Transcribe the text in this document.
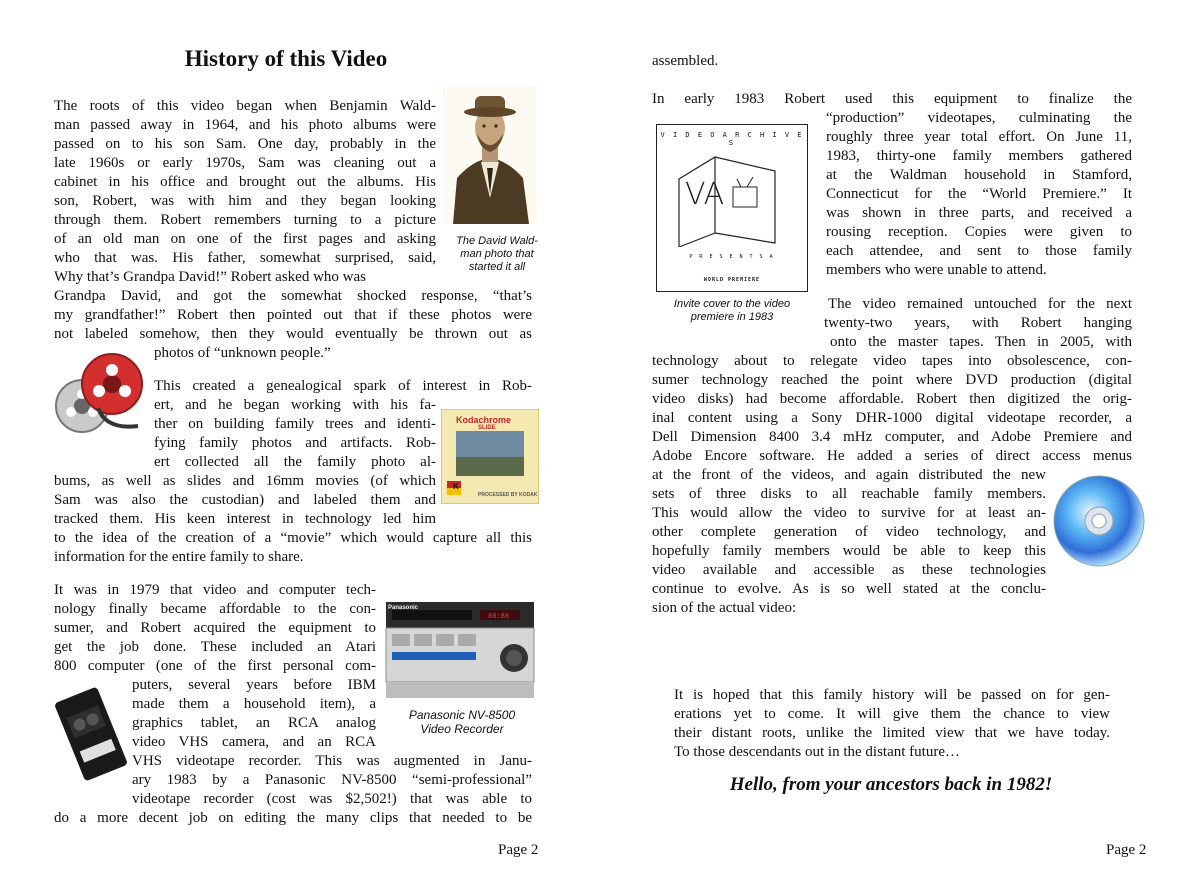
History of this Video
The roots of this video began when Benjamin Wald-
man passed away in 1964, and his photo albums were
passed on to his son Sam. One day, probably in the
late 1960s or early 1970s, Sam was cleaning out a
cabinet in his office and brought out the albums. His
son, Robert, was with him and they began looking
through them. Robert remembers turning to a picture
of an old man on one of the first pages and asking
who that was. His father, somewhat surprised, said,
Why that’s Grandpa David!” Robert asked who was
Grandpa David, and got the somewhat shocked response, “that’s
my grandfather!” Robert then pointed out that if these photos were
not labeled somehow, then they would eventually be thrown out as
photos of “unknown people.”
This created a genealogical spark of interest in Rob-
ert, and he began working with his fa-
ther on building family trees and identi-
fying family photos and artifacts. Rob-
ert collected all the family photo al-
bums, as well as slides and 16mm movies (of which
Sam was also the custodian) and labeled them and
tracked them. His keen interest in technology led him
to the idea of the creation of a “movie” which would capture all this
information for the entire family to share.
It was in 1979 that video and computer tech-
nology finally became affordable to the con-
sumer, and Robert acquired the equipment to
get the job done. These included an Atari
800 computer (one of the first personal com-
puters, several years before IBM
made them a household item), a
graphics tablet, an RCA analog
video VHS camera, and an RCA
VHS videotape recorder. This was augmented in Janu-
ary 1983 by a Panasonic NV-8500 “semi-professional”
videotape recorder (cost was $2,502!) that was able to
do a more decent job on editing the many clips that needed to be
assembled.
In early 1983 Robert used this equipment to finalize the
“production” videotapes, culminating the
roughly three year total effort. On June 11,
1983, thirty-one family members gathered
at the Waldman household in Stamford,
Connecticut for the “World Premiere.” It
was shown in three parts, and received a
rousing reception. Copies were given to
each attendee, and sent to those family
members who were unable to attend.
The video remained untouched for the next
twenty-two years, with Robert hanging
onto the master tapes. Then in 2005, with
technology about to relegate video tapes into obsolescence, con-
sumer technology reached the point where DVD production (digital
video disks) had become affordable. Robert then digitized the orig-
inal content using a Sony DHR-1000 digital videotape recorder, a
Dell Dimension 8400 3.4 mHz computer, and Adobe Premiere and
Adobe Encore software. He added a series of direct access menus
at the front of the videos, and again distributed the new
sets of three disks to all reachable family members.
This would allow the video to survive for at least an-
other complete generation of video technology, and
hopefully family members would be able to keep this
video available and accessible as these technologies
continue to evolve. As is so well stated at the conclu-
sion of the actual video:
It is hoped that this family history will be passed on for gen-
erations yet to come. It will give them the chance to view
their distant roots, unlike the limited view that we have today.
To those descendants out in the distant future…
Hello, from your ancestors back in 1982!
The David Wald-
man photo that
started it all
Kodachrome
SLIDE
K
PROCESSED BY KODAK
88:88
Panasonic
Panasonic NV-8500
Video Recorder
V I D E O A R C H I V E S
VA
P R E S E N T S A
WORLD PREMIERE
Invite cover to the video
premiere in 1983
Page 2	Page 2
